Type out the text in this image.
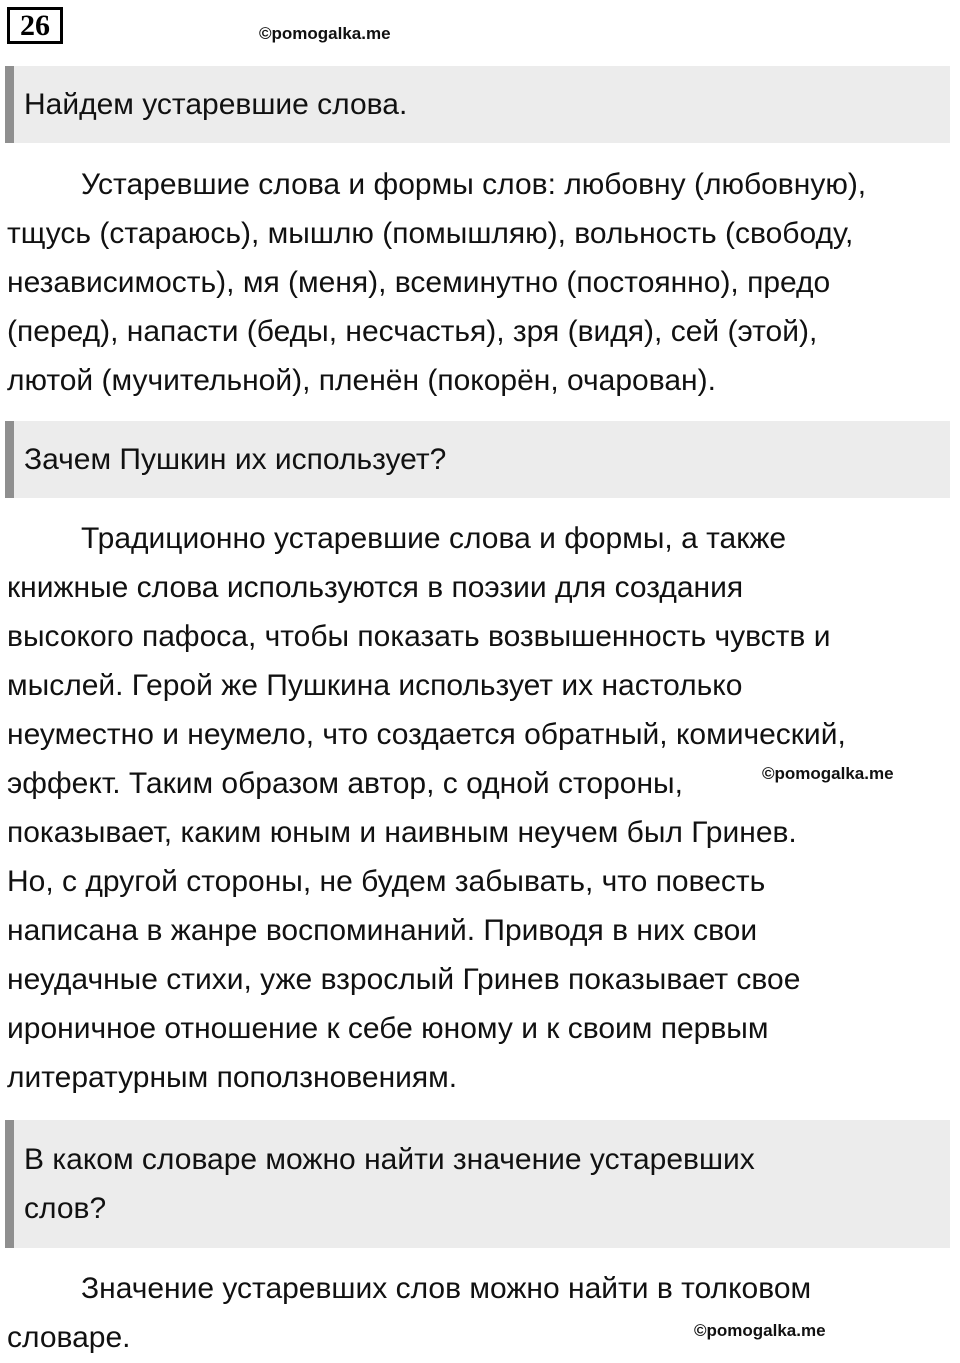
26	©pomogalka.me
Найдем устаревшие слова.
Устаревшие слова и формы слов: любовну (любовную),
тщусь (стараюсь), мышлю (помышляю), вольность (свободу,
независимость), мя (меня), всеминутно (постоянно), предо
(перед), напасти (беды, несчастья), зря (видя), сей (этой),
лютой (мучительной), пленён (покорён, очарован).
Зачем Пушкин их использует?
Традиционно устаревшие слова и формы, а также
книжные слова используются в поэзии для создания
высокого пафоса, чтобы показать возвышенность чувств и
мыслей. Герой же Пушкина использует их настолько
неуместно и неумело, что создается обратный, комический,
эффект. Таким образом автор, с одной стороны,
показывает, каким юным и наивным неучем был Гринев.
Но, с другой стороны, не будем забывать, что повесть
написана в жанре воспоминаний. Приводя в них свои
неудачные стихи, уже взрослый Гринев показывает свое
ироничное отношение к себе юному и к своим первым
литературным поползновениям.
©pomogalka.me
В каком словаре можно найти значение устаревших
слов?
Значение устаревших слов можно найти в толковом
словаре.	©pomogalka.me
